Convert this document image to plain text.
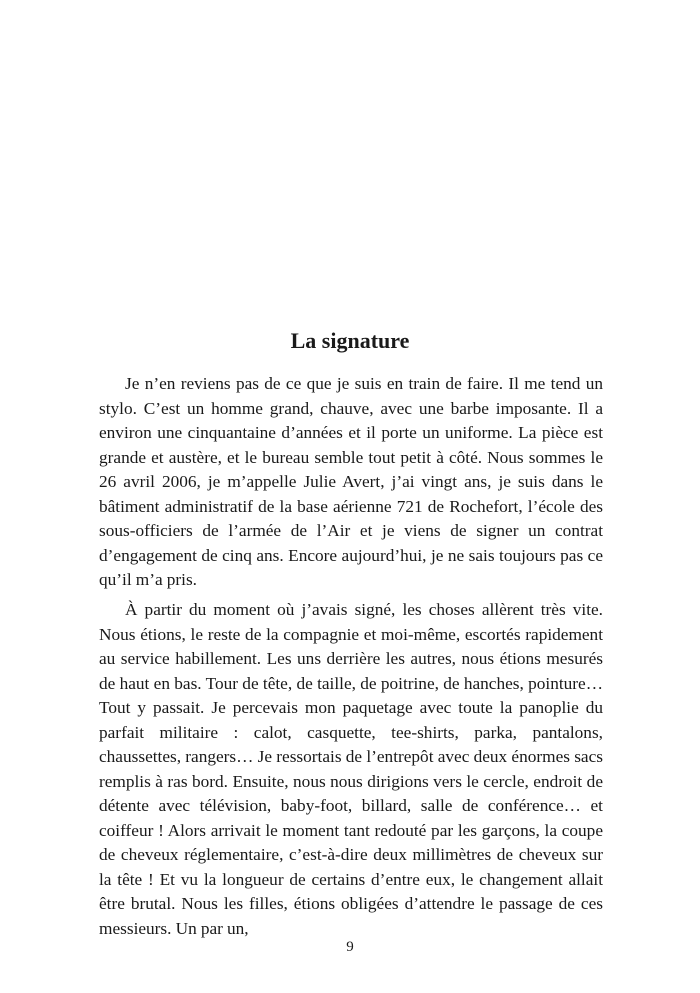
La signature

Je n’en reviens pas de ce que je suis en train de faire. Il me tend un stylo. C’est un homme grand, chauve, avec une barbe imposante. Il a environ une cinquantaine d’années et il porte un uniforme. La pièce est grande et austère, et le bureau semble tout petit à côté. Nous sommes le 26 avril 2006, je m’appelle Julie Avert, j’ai vingt ans, je suis dans le bâtiment administratif de la base aérienne 721 de Rochefort, l’école des sous-officiers de l’armée de l’Air et je viens de signer un contrat d’engagement de cinq ans. Encore aujourd’hui, je ne sais toujours pas ce qu’il m’a pris.

À partir du moment où j’avais signé, les choses allèrent très vite. Nous étions, le reste de la compagnie et moi-même, escortés rapidement au service habillement. Les uns derrière les autres, nous étions mesurés de haut en bas. Tour de tête, de taille, de poitrine, de hanches, pointure… Tout y passait. Je percevais mon paquetage avec toute la panoplie du parfait militaire : calot, casquette, tee-shirts, parka, pantalons, chaussettes, rangers… Je ressortais de l’entrepôt avec deux énormes sacs remplis à ras bord. Ensuite, nous nous dirigions vers le cercle, endroit de détente avec télévision, baby-foot, billard, salle de conférence… et coiffeur ! Alors arrivait le moment tant redouté par les garçons, la coupe de cheveux réglementaire, c’est-à-dire deux millimètres de cheveux sur la tête ! Et vu la longueur de certains d’entre eux, le changement allait être brutal. Nous les filles, étions obligées d’attendre le passage de ces messieurs. Un par un,

9
